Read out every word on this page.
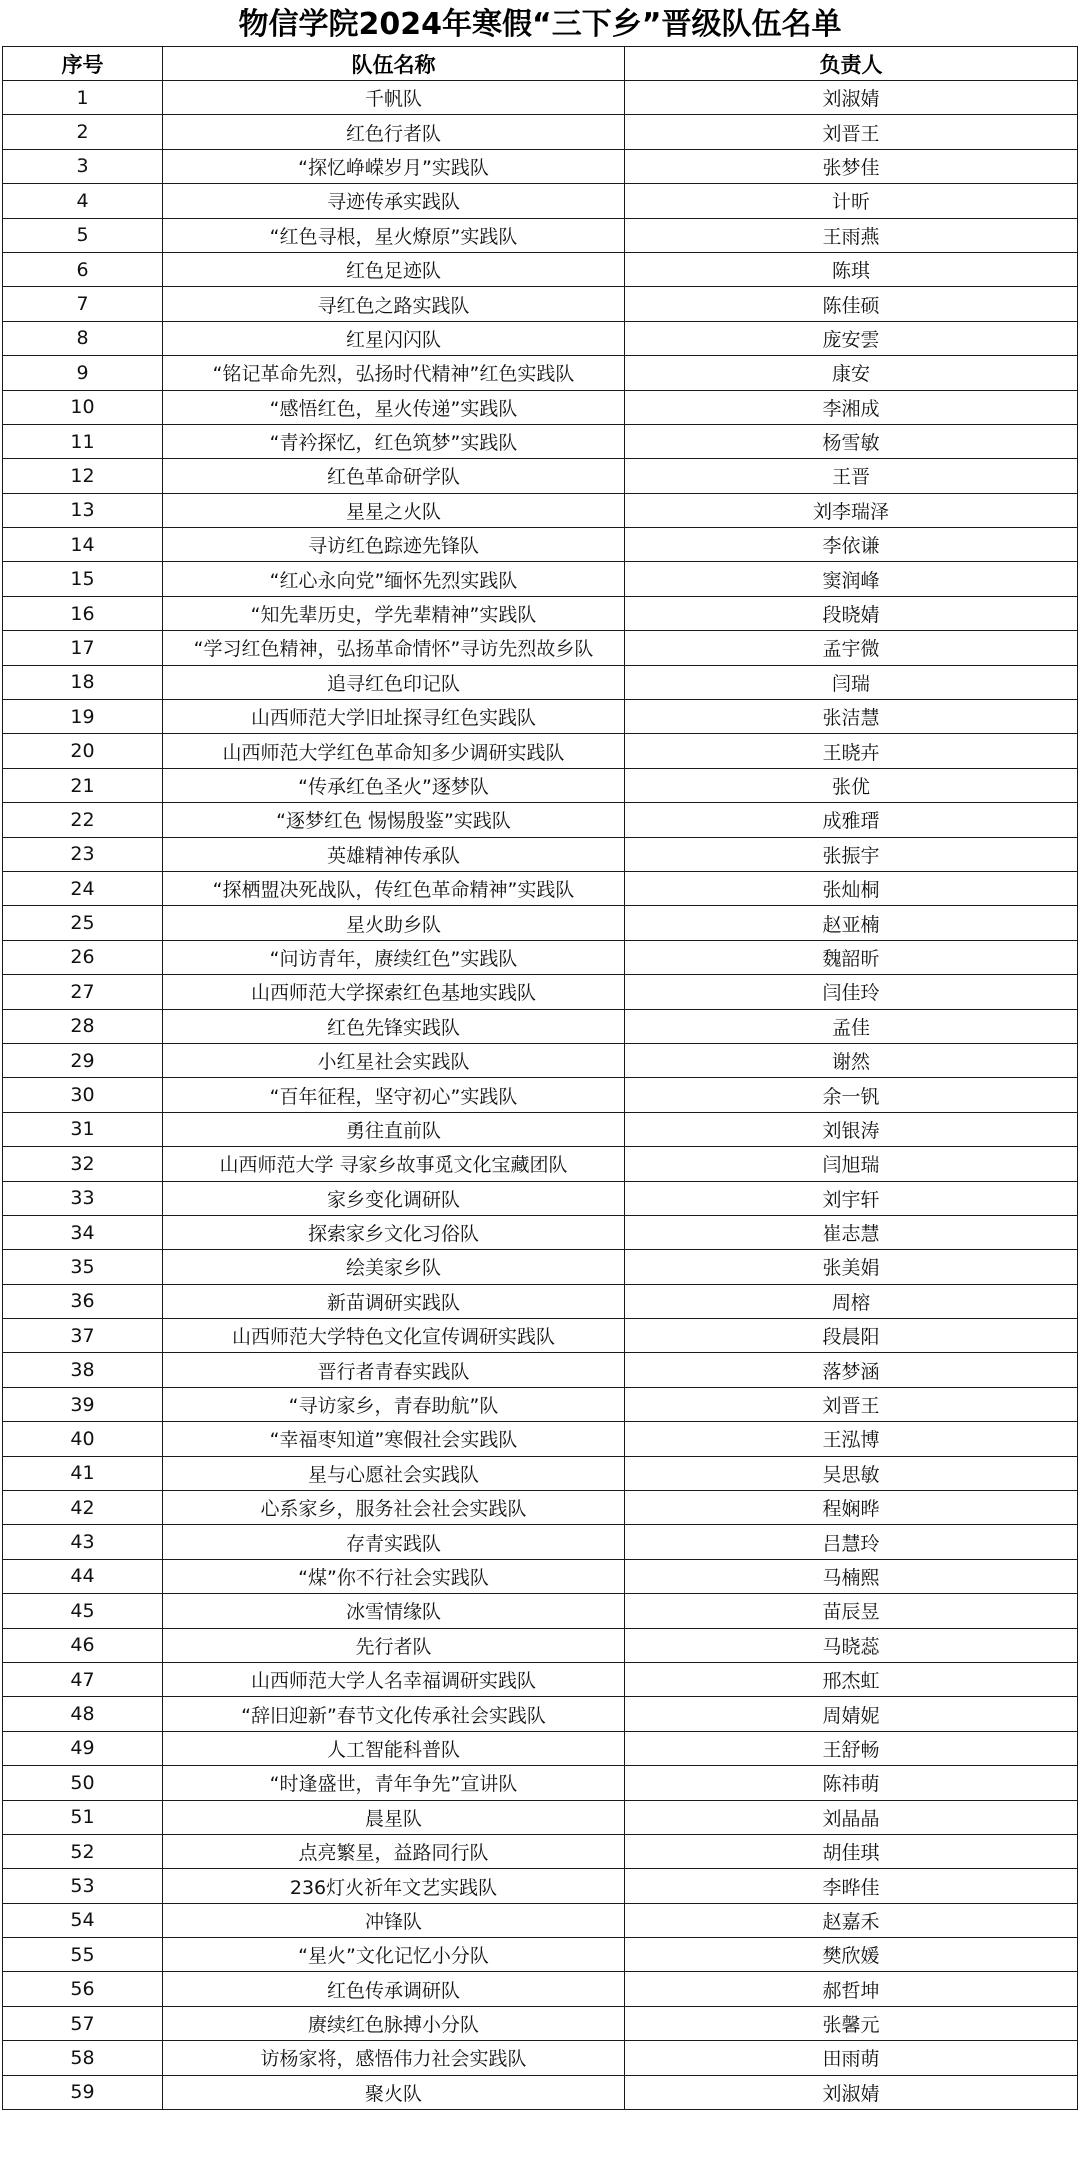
物信学院2024年寒假“三下乡”晋级队伍名单
序号	队伍名称	负责人
1	千帆队	刘淑婧
2	红色行者队	刘晋王
3	“探忆峥嵘岁月”实践队	张梦佳
4	寻迹传承实践队	计昕
5	“红色寻根，星火燎原”实践队	王雨燕
6	红色足迹队	陈琪
7	寻红色之路实践队	陈佳硕
8	红星闪闪队	庞安雲
9	“铭记革命先烈，弘扬时代精神”红色实践队	康安
10	“感悟红色，星火传递”实践队	李湘成
11	“青衿探忆，红色筑梦”实践队	杨雪敏
12	红色革命研学队	王晋
13	星星之火队	刘李瑞泽
14	寻访红色踪迹先锋队	李依谦
15	“红心永向党”缅怀先烈实践队	窦润峰
16	“知先辈历史，学先辈精神”实践队	段晓婧
17	“学习红色精神，弘扬革命情怀”寻访先烈故乡队	孟宇微
18	追寻红色印记队	闫瑞
19	山西师范大学旧址探寻红色实践队	张洁慧
20	山西师范大学红色革命知多少调研实践队	王晓卉
21	“传承红色圣火”逐梦队	张优
22	“逐梦红色 惕惕殷鉴”实践队	成雅瑨
23	英雄精神传承队	张振宇
24	“探栖盟决死战队，传红色革命精神”实践队	张灿桐
25	星火助乡队	赵亚楠
26	“问访青年，赓续红色”实践队	魏韶昕
27	山西师范大学探索红色基地实践队	闫佳玲
28	红色先锋实践队	孟佳
29	小红星社会实践队	谢然
30	“百年征程，坚守初心”实践队	余一钒
31	勇往直前队	刘银涛
32	山西师范大学 寻家乡故事觅文化宝藏团队	闫旭瑞
33	家乡变化调研队	刘宇轩
34	探索家乡文化习俗队	崔志慧
35	绘美家乡队	张美娟
36	新苗调研实践队	周榕
37	山西师范大学特色文化宣传调研实践队	段晨阳
38	晋行者青春实践队	落梦涵
39	“寻访家乡，青春助航”队	刘晋王
40	“幸福枣知道”寒假社会实践队	王泓博
41	星与心愿社会实践队	吴思敏
42	心系家乡，服务社会社会实践队	程娴晔
43	存青实践队	吕慧玲
44	“煤”你不行社会实践队	马楠熙
45	冰雪情缘队	苗辰昱
46	先行者队	马晓蕊
47	山西师范大学人名幸福调研实践队	邢杰虹
48	“辞旧迎新”春节文化传承社会实践队	周婧妮
49	人工智能科普队	王舒畅
50	“时逢盛世，青年争先”宣讲队	陈祎萌
51	晨星队	刘晶晶
52	点亮繁星，益路同行队	胡佳琪
53	236灯火祈年文艺实践队	李晔佳
54	冲锋队	赵嘉禾
55	“星火”文化记忆小分队	樊欣媛
56	红色传承调研队	郝哲坤
57	赓续红色脉搏小分队	张馨元
58	访杨家将，感悟伟力社会实践队	田雨萌
59	聚火队	刘淑婧
